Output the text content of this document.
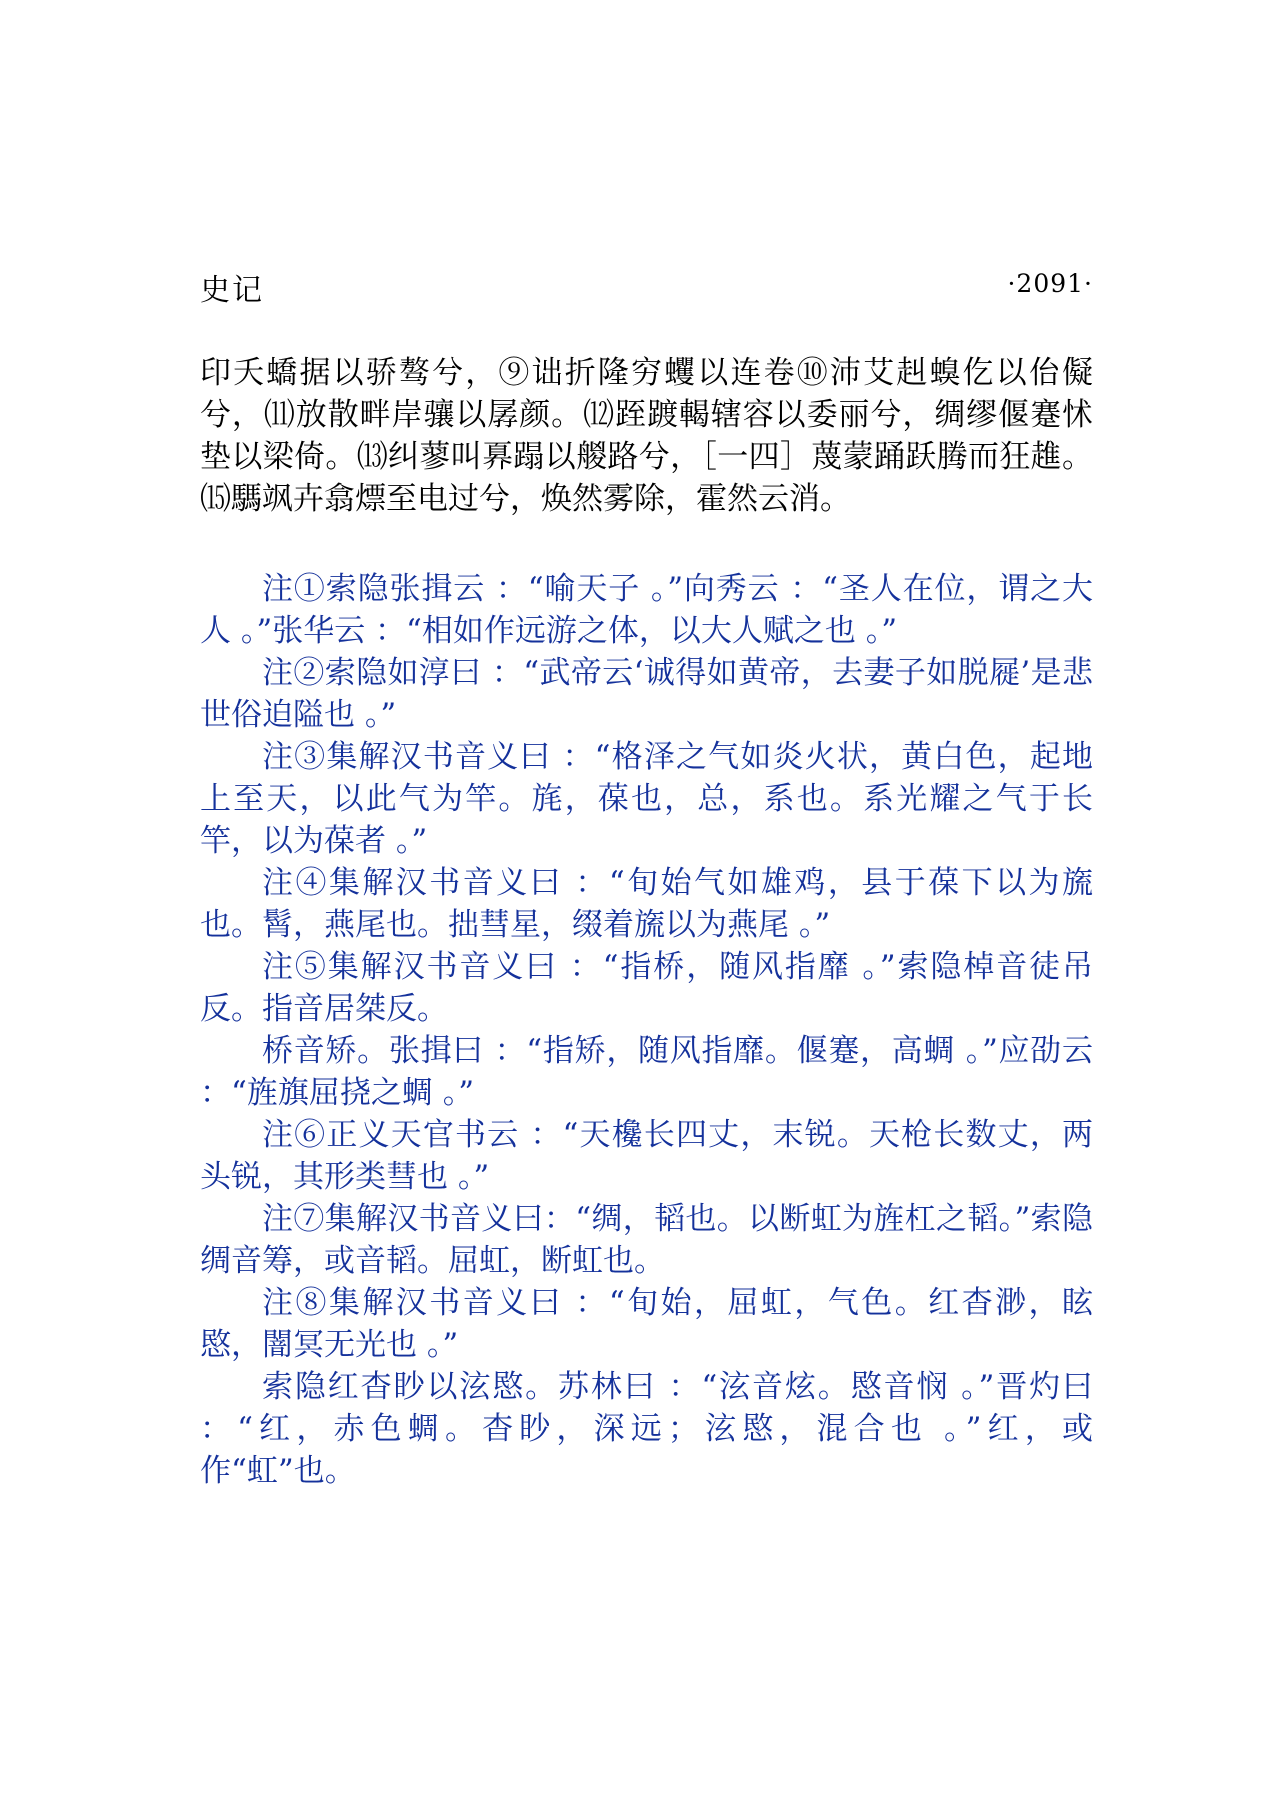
史记	·2091·
印夭蟜据以骄骜兮，⑨诎折隆穷蠼以连卷⑩沛艾赳螑仡以佁儗兮，⑾放散畔岸骧以孱颜。⑿跮踱輵辖容以委丽兮，绸缪偃蹇怵垫以梁倚。⒀纠蓼叫奡蹋以艐路兮，［一四］蔑蒙踊跃腾而狂趡。⒂騳飒卉翕熛至电过兮，焕然雾除，霍然云消。

注①索隐张揖云 ：“喻天子 。”向秀云 ：“圣人在位，谓之大人 。”张华云 ：“相如作远游之体，以大人赋之也 。”

注②索隐如淳曰 ：“武帝云‘诚得如黄帝，去妻子如脱屣’是悲世俗迫隘也 。”

注③集解汉书音义曰 ：“格泽之气如炎火状，黄白色，起地上至天，以此气为竿。旄，葆也，总，系也。系光耀之气于长竿，以为葆者 。”

注④集解汉书音义曰 ：“旬始气如雄鸡，县于葆下以为旒也。髾，燕尾也。拙彗星，缀着旒以为燕尾 。”

注⑤集解汉书音义曰 ：“指桥，随风指靡 。”索隐棹音徒吊反。指音居桀反。

桥音矫。张揖曰 ：“指矫，随风指靡。偃蹇，高蜩 。”应劭云 ：“旌旗屈挠之蜩 。”

注⑥正义天官书云 ：“天欃长四丈，末锐。天枪长数丈，两头锐，其形类彗也 。”

注⑦集解汉书音义曰：“绸，韬也。以断虹为旌杠之韬。”索隐绸音筹，或音韬。屈虹，断虹也。

注⑧集解汉书音义曰 ：“旬始，屈虹，气色。红杳渺，眩愍，闇冥无光也 。”

索隐红杳眇以泫愍。苏林曰 ：“泫音炫。愍音悯 。”晋灼曰 ：“红，赤色蜩。杳眇，深远；泫愍，混合也 。”红，或作“虹”也。
